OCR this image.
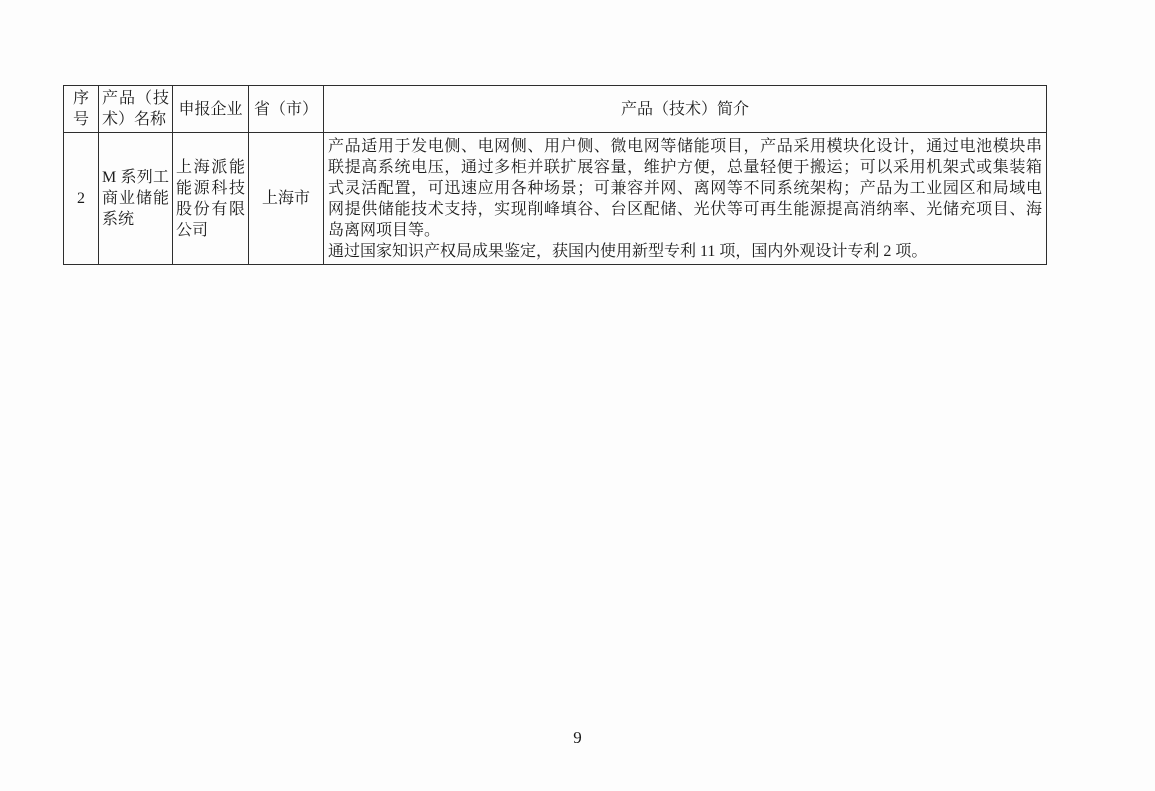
序号	产品（技术）名称	申报企业	省（市）	产品（技术）简介
2	M 系列工商业储能系统	上海派能能源科技股份有限公司	上海市	
产品适用于发电侧、电网侧、用户侧、微电网等储能项目，产品采用模块化设计，通过电池模块串
联提高系统电压，通过多柜并联扩展容量，维护方便，总量轻便于搬运；可以采用机架式或集装箱
式灵活配置，可迅速应用各种场景；可兼容并网、离网等不同系统架构；产品为工业园区和局域电
网提供储能技术支持，实现削峰填谷、台区配储、光伏等可再生能源提高消纳率、光储充项目、海
岛离网项目等。
通过国家知识产权局成果鉴定，获国内使用新型专利 11 项，国内外观设计专利 2 项。
9
